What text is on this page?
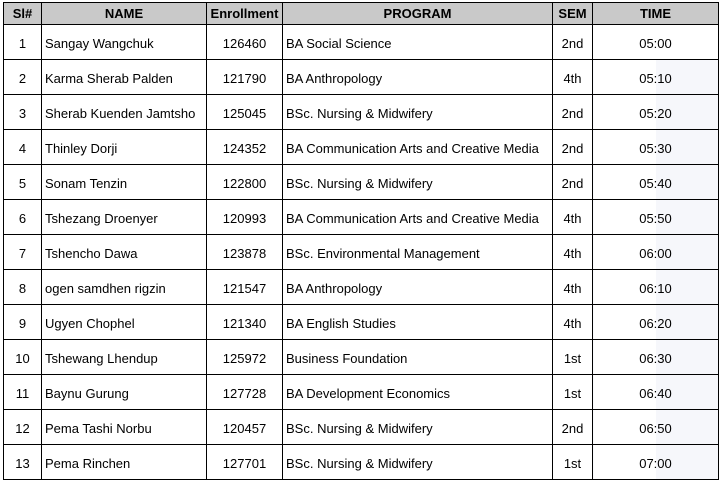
Sl#	NAME	Enrollment	PROGRAM	SEM	TIME
1	Sangay Wangchuk	126460	BA Social Science	2nd	05:00
2	Karma Sherab Palden	121790	BA Anthropology	4th	05:10
3	Sherab Kuenden Jamtsho	125045	BSc. Nursing & Midwifery	2nd	05:20
4	Thinley Dorji	124352	BA Communication Arts and Creative Media	2nd	05:30
5	Sonam Tenzin	122800	BSc. Nursing & Midwifery	2nd	05:40
6	Tshezang Droenyer	120993	BA Communication Arts and Creative Media	4th	05:50
7	Tshencho Dawa	123878	BSc. Environmental Management	4th	06:00
8	ogen samdhen rigzin	121547	BA Anthropology	4th	06:10
9	Ugyen Chophel	121340	BA English Studies	4th	06:20
10	Tshewang Lhendup	125972	Business Foundation	1st	06:30
11	Baynu Gurung	127728	BA Development Economics	1st	06:40
12	Pema Tashi Norbu	120457	BSc. Nursing & Midwifery	2nd	06:50
13	Pema Rinchen	127701	BSc. Nursing & Midwifery	1st	07:00
